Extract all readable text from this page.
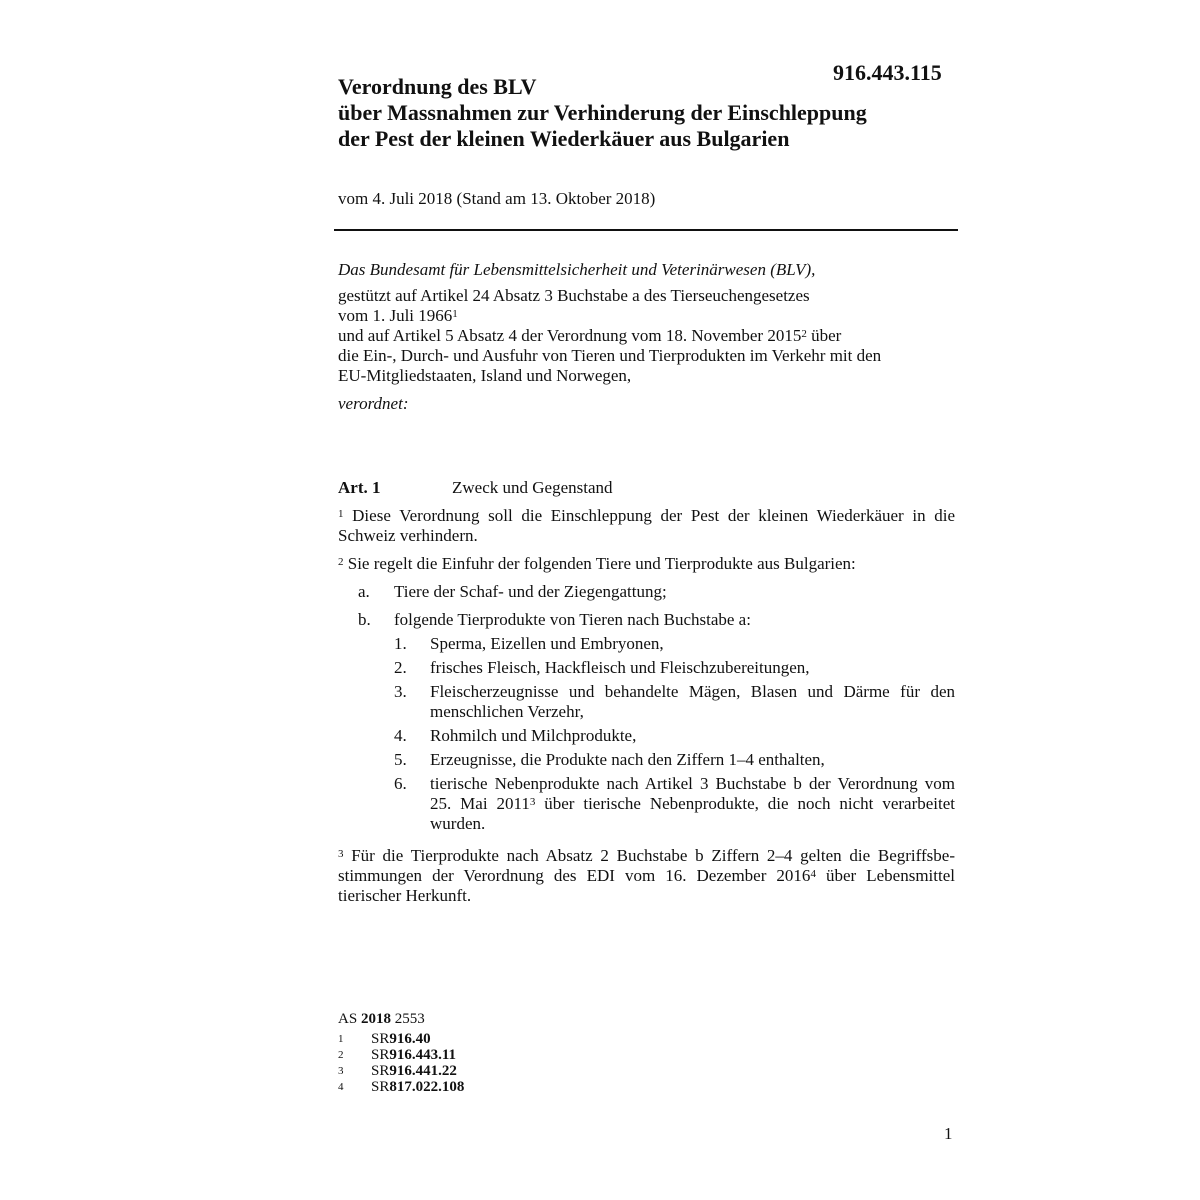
916.443.115
Verordnung des BLV
über Massnahmen zur Verhinderung der Einschleppung
der Pest der kleinen Wiederkäuer aus Bulgarien
vom 4. Juli 2018 (Stand am 13. Oktober 2018)
Das Bundesamt für Lebensmittelsicherheit und Veterinärwesen (BLV),
gestützt auf Artikel 24 Absatz 3 Buchstabe a des Tierseuchengesetzes
vom 1. Juli 1966$^1$
und auf Artikel 5 Absatz 4 der Verordnung vom 18. November 2015$^2$ über
die Ein-, Durch- und Ausfuhr von Tieren und Tierprodukten im Verkehr mit den
EU-Mitgliedstaaten, Island und Norwegen,
verordnet:
Art. 1	Zweck und Gegenstand
$^1$ Diese Verordnung soll die Einschleppung der Pest der kleinen Wiederkäuer in die Schweiz verhindern.
$^2$ Sie regelt die Einfuhr der folgenden Tiere und Tierprodukte aus Bulgarien:
a.	Tiere der Schaf- und der Ziegengattung;
b.	folgende Tierprodukte von Tieren nach Buchstabe a:
1.	Sperma, Eizellen und Embryonen,
2.	frisches Fleisch, Hackfleisch und Fleischzubereitungen,
3.	Fleischerzeugnisse und behandelte Mägen, Blasen und Därme für den menschlichen Verzehr,
4.	Rohmilch und Milchprodukte,
5.	Erzeugnisse, die Produkte nach den Ziffern 1–4 enthalten,
6.	tierische Nebenprodukte nach Artikel 3 Buchstabe b der Verordnung vom 25. Mai 2011$^3$ über tierische Nebenprodukte, die noch nicht verarbeitet wurden.
$^3$ Für die Tierprodukte nach Absatz 2 Buchstabe b Ziffern 2–4 gelten die Begriffsbestimmungen der Verordnung des EDI vom 16. Dezember 2016$^4$ über Lebensmittel tierischer Herkunft.
AS 2018 2553
1	SR 916.40
2	SR 916.443.11
3	SR 916.441.22
4	SR 817.022.108
1
